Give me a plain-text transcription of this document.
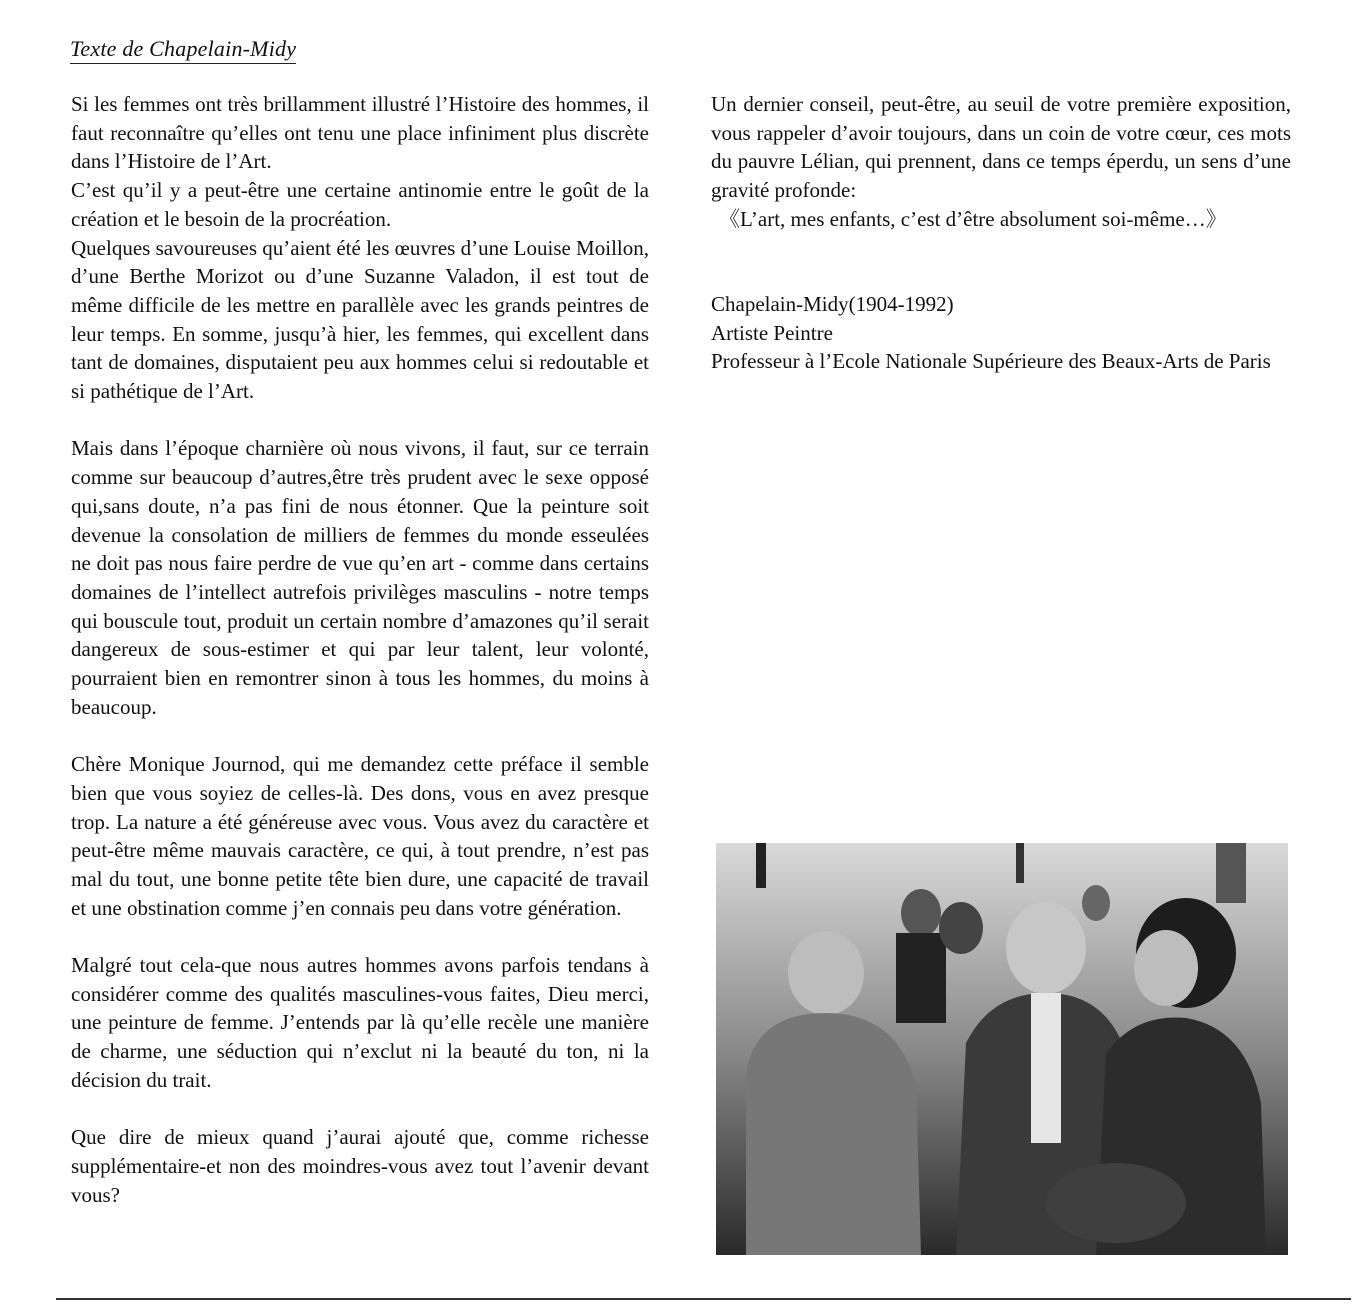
Texte de Chapelain-Midy

Si les femmes ont très brillamment illustré l’Histoire des hommes, il faut reconnaître qu’elles ont tenu une place infiniment plus discrète dans l’Histoire de l’Art.

C’est qu’il y a peut-être une certaine antinomie entre le goût de la création et le besoin de la procréation.

Quelques savoureuses qu’aient été les œuvres d’une Louise Moillon, d’une Berthe Morizot ou d’une Suzanne Valadon, il est tout de même difficile de les mettre en parallèle avec les grands peintres de leur temps. En somme, jusqu’à hier, les femmes, qui excellent dans tant de domaines, disputaient peu aux hommes celui si redoutable et si pathétique de l’Art.

Mais dans l’époque charnière où nous vivons, il faut, sur ce terrain comme sur beaucoup d’autres,être très prudent avec le sexe opposé qui,sans doute, n’a pas fini de nous étonner. Que la peinture soit devenue la consolation de milliers de femmes du monde esseulées ne doit pas nous faire perdre de vue qu’en art - comme dans certains domaines de l’intellect autrefois privilèges masculins - notre temps qui bouscule tout, produit un certain nombre d’amazones qu’il serait dangereux de sous-estimer et qui par leur talent, leur volonté, pourraient bien en remontrer sinon à tous les hommes, du moins à beaucoup.

Chère Monique Journod, qui me demandez cette préface il semble bien que vous soyiez de celles-là. Des dons, vous en avez presque trop. La nature a été généreuse avec vous. Vous avez du caractère et peut-être même mauvais caractère, ce qui, à tout prendre, n’est pas mal du tout, une bonne petite tête bien dure, une capacité de travail et une obstination comme j’en connais peu dans votre génération.

Malgré tout cela-que nous autres hommes avons parfois tendans à considérer comme des qualités masculines-vous faites, Dieu merci, une peinture de femme. J’entends par là qu’elle recèle une manière de charme, une séduction qui n’exclut ni la beauté du ton, ni la décision du trait.

Que dire de mieux quand j’aurai ajouté que, comme richesse supplémentaire-et non des moindres-vous avez tout l’avenir devant vous?

Un dernier conseil, peut-être, au seuil de votre première exposition, vous rappeler d’avoir toujours, dans un coin de votre cœur, ces mots du pauvre Lélian, qui prennent, dans ce temps éperdu, un sens d’une gravité profonde:

《L’art, mes enfants, c’est d’être absolument soi-même…》

Chapelain-Midy(1904-1992)
Artiste Peintre
Professeur à l’Ecole Nationale Supérieure des Beaux-Arts de Paris
